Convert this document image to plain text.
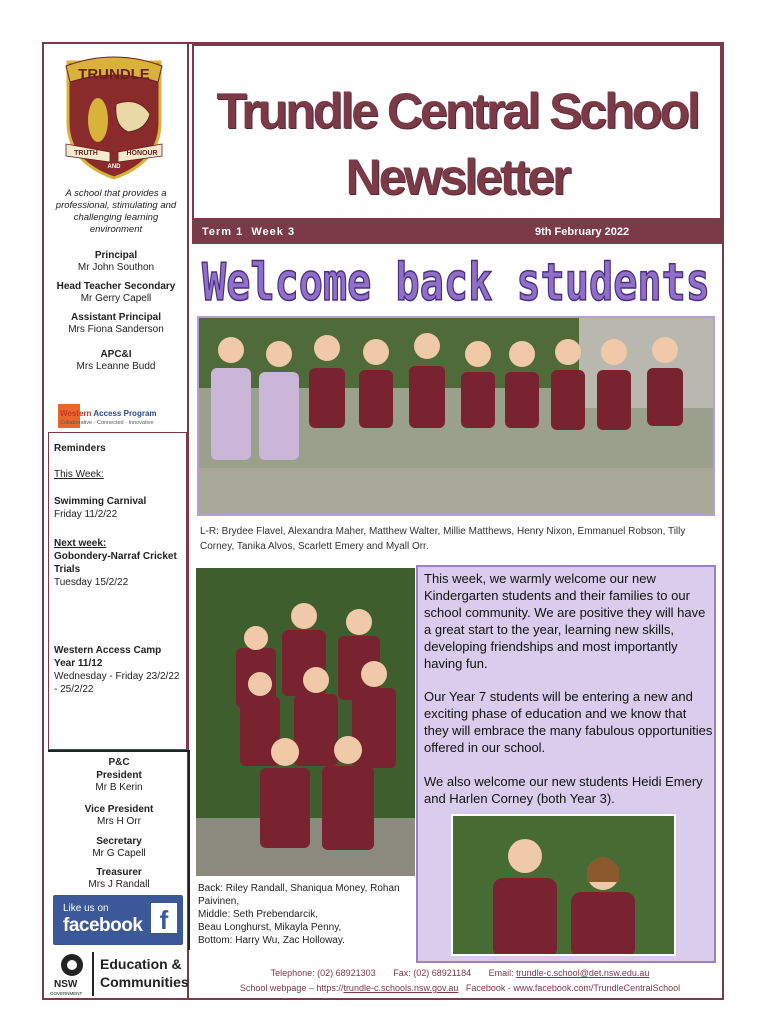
TRUNDLE
TRUTH
AND
HONOUR
A school that provides a professional, stimulating and challenging learning environment
Principal
Mr John Southon
Head Teacher Secondary
Mr Gerry Capell
Assistant Principal
Mrs Fiona Sanderson
APC&I
Mrs Leanne Budd
Western Access Program
Collaborative · Connected · Innovative
Reminders
This Week:
Swimming Carnival
Friday 11/2/22
Next week:
Gobondery-Narraf Cricket Trials
Tuesday 15/2/22
Western Access Camp Year 11/12
Wednesday - Friday 23/2/22 - 25/2/22
P&C
President
Mr B Kerin
Vice President
Mrs H Orr
Secretary
Mr G Capell
Treasurer
Mrs J Randall
Like us on
facebook f
NSW
GOVERNMENT
Education &
Communities
Trundle Central School
Newsletter
Term 1  Week 3	9th February 2022
Welcome back students
L-R: Brydee Flavel, Alexandra Maher, Matthew Walter, Millie Matthews, Henry Nixon, Emmanuel Robson, Tilly Corney, Tanika Alvos, Scarlett Emery and Myall Orr.
Back: Riley Randall, Shaniqua Money, Rohan Paivinen,
Middle: Seth Prebendarcik,
Beau Longhurst, Mikayla Penny,
Bottom: Harry Wu, Zac Holloway.
This week, we warmly welcome our new Kindergarten students and their families to our school community. We are positive they will have a great start to the year, learning new skills, developing friendships and most importantly having fun.
Our Year 7 students will be entering a new and exciting phase of education and we know that they will embrace the many fabulous opportunities offered in our school.
We also welcome our new students Heidi Emery and Harlen Corney (both Year 3).
Telephone: (02) 68921303 Fax: (02) 68921184 Email: trundle-c.school@det.nsw.edu.au
School webpage – https://trundle-c.schools.nsw.gov.au Facebook - www.facebook.com/TrundleCentralSchool
